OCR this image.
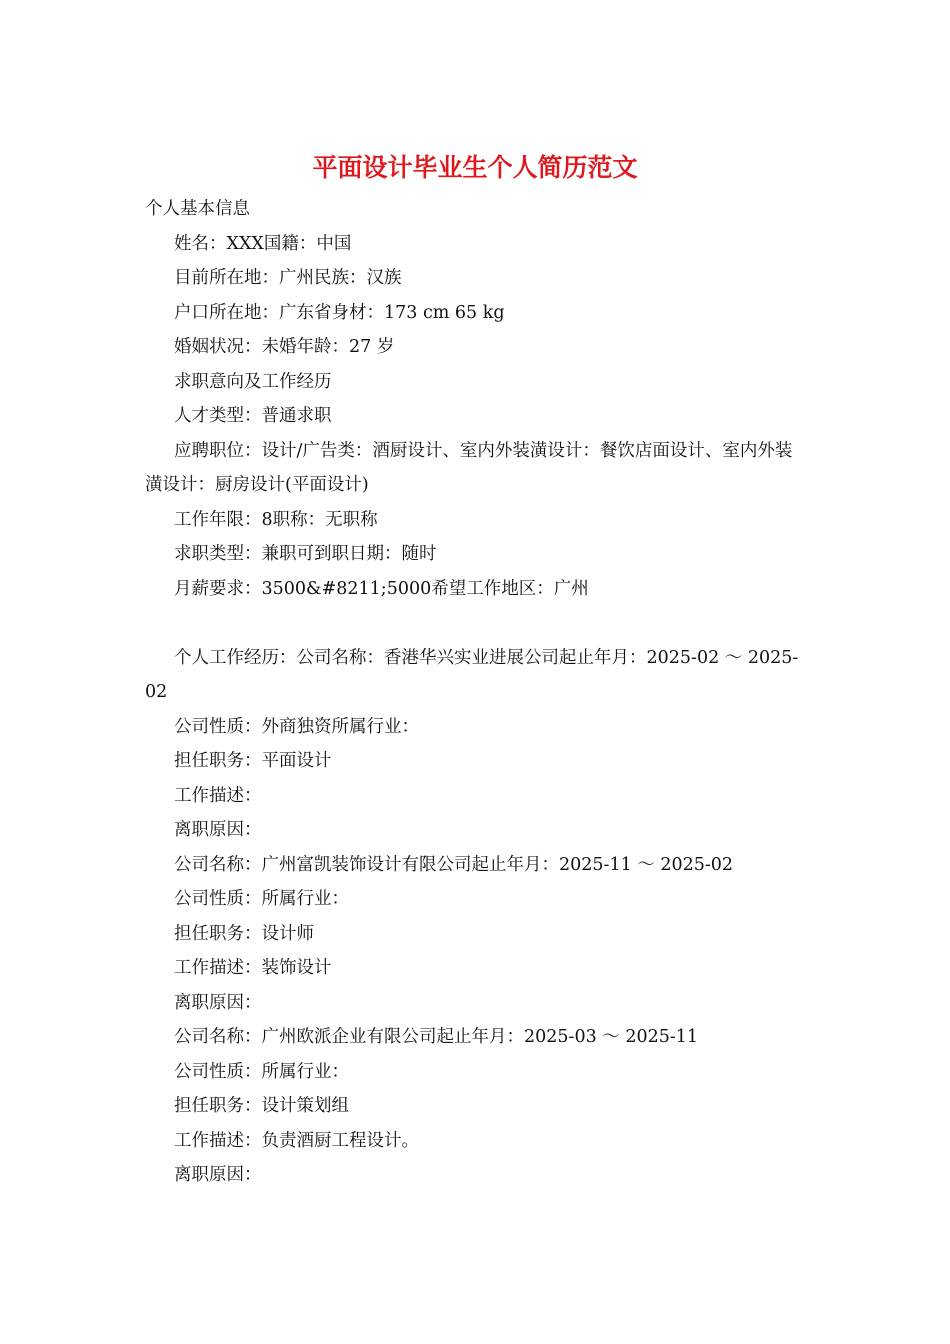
平面设计毕业生个人简历范文

个人基本信息

姓名：XXX国籍：中国

目前所在地：广州民族：汉族

户口所在地：广东省身材：173 cm 65 kg

婚姻状况：未婚年龄：27 岁

求职意向及工作经历

人才类型：普通求职

应聘职位：设计/广告类：酒厨设计、室内外装潢设计：餐饮店面设计、室内外装潢设计：厨房设计(平面设计)

工作年限：8职称：无职称

求职类型：兼职可到职日期：随时

月薪要求：3500&#8211;5000希望工作地区：广州

个人工作经历：公司名称：香港华兴实业进展公司起止年月：2025-02 ～ 2025-02

公司性质：外商独资所属行业：

担任职务：平面设计

工作描述：

离职原因：

公司名称：广州富凯装饰设计有限公司起止年月：2025-11 ～ 2025-02

公司性质：所属行业：

担任职务：设计师

工作描述：装饰设计

离职原因：

公司名称：广州欧派企业有限公司起止年月：2025-03 ～ 2025-11

公司性质：所属行业：

担任职务：设计策划组

工作描述：负责酒厨工程设计。

离职原因：
